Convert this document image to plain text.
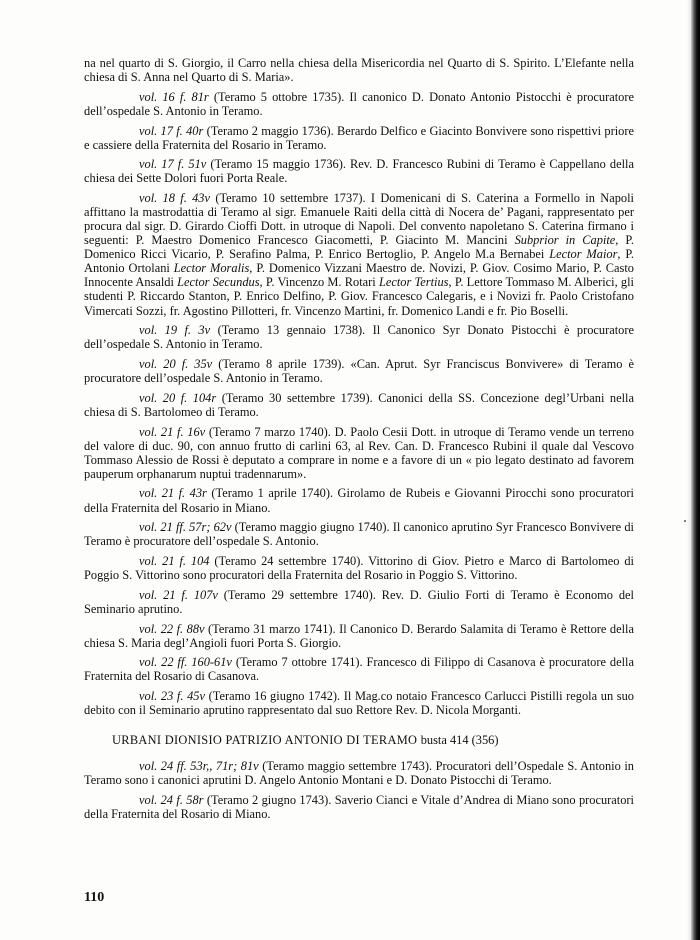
na nel quarto di S. Giorgio, il Carro nella chiesa della Misericordia nel Quarto di S. Spirito. L’Elefante nella chiesa di S. Anna nel Quarto di S. Maria».

vol. 16 f. 81r (Teramo 5 ottobre 1735). Il canonico D. Donato Antonio Pistocchi è procuratore dell’ospedale S. Antonio in Teramo.

vol. 17 f. 40r (Teramo 2 maggio 1736). Berardo Delfico e Giacinto Bonvivere sono rispettivi priore e cassiere della Fraternita del Rosario in Teramo.

vol. 17 f. 51v (Teramo 15 maggio 1736). Rev. D. Francesco Rubini di Teramo è Cappellano della chiesa dei Sette Dolori fuori Porta Reale.

vol. 18 f. 43v (Teramo 10 settembre 1737). I Domenicani di S. Caterina a Formello in Napoli affittano la mastrodattia di Teramo al sigr. Emanuele Raiti della città di Nocera de’ Pagani, rappresentato per procura dal sigr. D. Girardo Cioffi Dott. in utroque di Napoli. Del convento napoletano S. Caterina firmano i seguenti: P. Maestro Domenico Francesco Giacometti, P. Giacinto M. Mancini Subprior in Capite, P. Domenico Ricci Vicario, P. Serafino Palma, P. Enrico Bertoglio, P. Angelo M.a Bernabei Lector Maior, P. Antonio Ortolani Lector Moralis, P. Domenico Vizzani Maestro de. Novizi, P. Giov. Cosimo Mario, P. Casto Innocente Ansaldi Lector Secundus, P. Vincenzo M. Rotari Lector Tertius, P. Lettore Tommaso M. Alberici, gli studenti P. Riccardo Stanton, P. Enrico Delfino, P. Giov. Francesco Calegaris, e i Novizi fr. Paolo Cristofano Vimercati Sozzi, fr. Agostino Pillotteri, fr. Vincenzo Martini, fr. Domenico Landi e fr. Pio Boselli.

vol. 19 f. 3v (Teramo 13 gennaio 1738). Il Canonico Syr Donato Pistocchi è procuratore dell’ospedale S. Antonio in Teramo.

vol. 20 f. 35v (Teramo 8 aprile 1739). «Can. Aprut. Syr Franciscus Bonvivere» di Teramo è procuratore dell’ospedale S. Antonio in Teramo.

vol. 20 f. 104r (Teramo 30 settembre 1739). Canonici della SS. Concezione degl’Urbani nella chiesa di S. Bartolomeo di Teramo.

vol. 21 f. 16v (Teramo 7 marzo 1740). D. Paolo Cesii Dott. in utroque di Teramo vende un terreno del valore di duc. 90, con annuo frutto di carlini 63, al Rev. Can. D. Francesco Rubini il quale dal Vescovo Tommaso Alessio de Rossi è deputato a comprare in nome e a favore di un « pio legato destinato ad favorem pauperum orphanarum nuptui tradennarum».

vol. 21 f. 43r (Teramo 1 aprile 1740). Girolamo de Rubeis e Giovanni Pirocchi sono procuratori della Fraternita del Rosario in Miano.

vol. 21 ff. 57r; 62v (Teramo maggio giugno 1740). Il canonico aprutino Syr Francesco Bonvivere di Teramo è procuratore dell’ospedale S. Antonio.

vol. 21 f. 104 (Teramo 24 settembre 1740). Vittorino di Giov. Pietro e Marco di Bartolomeo di Poggio S. Vittorino sono procuratori della Fraternita del Rosario in Poggio S. Vittorino.

vol. 21 f. 107v (Teramo 29 settembre 1740). Rev. D. Giulio Forti di Teramo è Economo del Seminario aprutino.

vol. 22 f. 88v (Teramo 31 marzo 1741). Il Canonico D. Berardo Salamita di Teramo è Rettore della chiesa S. Maria degl’Angioli fuori Porta S. Giorgio.

vol. 22 ff. 160-61v (Teramo 7 ottobre 1741). Francesco di Filippo di Casanova è procuratore della Fraternita del Rosario di Casanova.

vol. 23 f. 45v (Teramo 16 giugno 1742). Il Mag.co notaio Francesco Carlucci Pistilli regola un suo debito con il Seminario aprutino rappresentato dal suo Rettore Rev. D. Nicola Morganti.

URBANI DIONISIO PATRIZIO ANTONIO DI TERAMO busta 414 (356)

vol. 24 ff. 53r,, 71r; 81v (Teramo maggio settembre 1743). Procuratori dell’Ospedale S. Antonio in Teramo sono i canonici aprutini D. Angelo Antonio Montani e D. Donato Pistocchi di Teramo.

vol. 24 f. 58r (Teramo 2 giugno 1743). Saverio Cianci e Vitale d’Andrea di Miano sono procuratori della Fraternita del Rosario di Miano.

110
